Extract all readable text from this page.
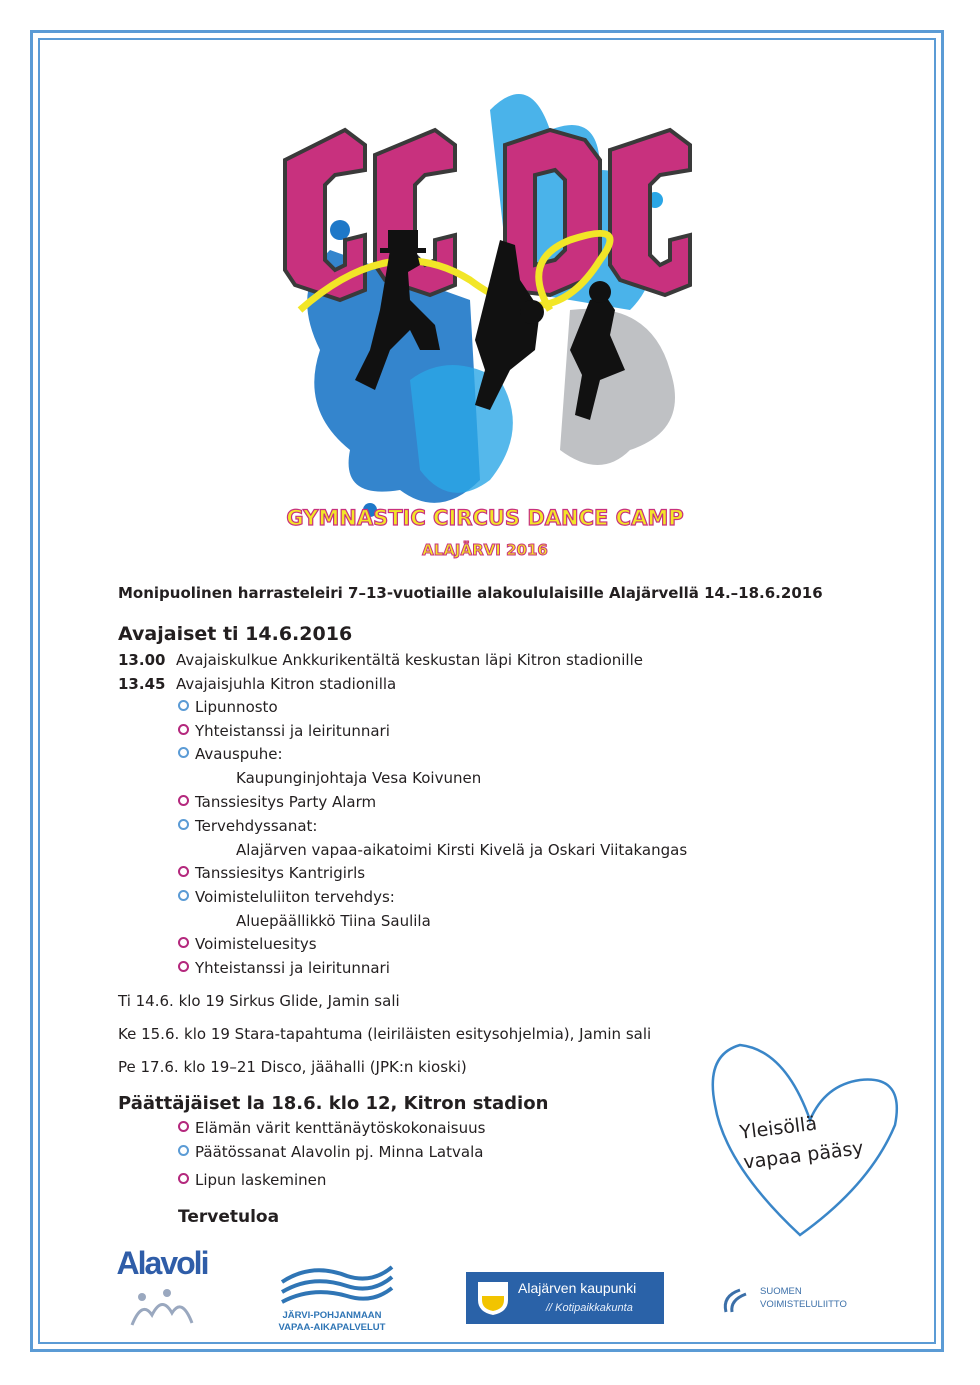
GYMNASTIC CIRCUS DANCE CAMP
ALAJÄRVI 2016
Monipuolinen harrasteleiri 7–13-vuotiaille alakoululaisille Alajärvellä 14.–18.6.2016
Avajaiset ti 14.6.2016
13.00 Avajaiskulkue Ankkurikentältä keskustan läpi Kitron stadionille
13.45 Avajaisjuhla Kitron stadionilla
Lipunnosto
Yhteistanssi ja leiritunnari
Avauspuhe:
Kaupunginjohtaja Vesa Koivunen
Tanssiesitys Party Alarm
Tervehdyssanat:
Alajärven vapaa-aikatoimi Kirsti Kivelä ja Oskari Viitakangas
Tanssiesitys Kantrigirls
Voimisteluliiton tervehdys:
Aluepäällikkö Tiina Saulila
Voimisteluesitys
Yhteistanssi ja leiritunnari
Ti 14.6. klo 19 Sirkus Glide, Jamin sali
Ke 15.6. klo 19 Stara-tapahtuma (leiriläisten esitysohjelmia), Jamin sali
Pe 17.6. klo 19–21 Disco, jäähalli (JPK:n kioski)
Päättäjäiset la 18.6. klo 12, Kitron stadion
Elämän värit kenttänäytöskokonaisuus
Päätössanat Alavolin pj. Minna Latvala
Lipun laskeminen
Tervetuloa
Yleisöllä
vapaa pääsy
Alavoli
JÄRVI-POHJANMAAN
VAPAA-AIKAPALVELUT
Alajärven kaupunki
// Kotipaikkakunta
SUOMEN
VOIMISTELULIITTO
